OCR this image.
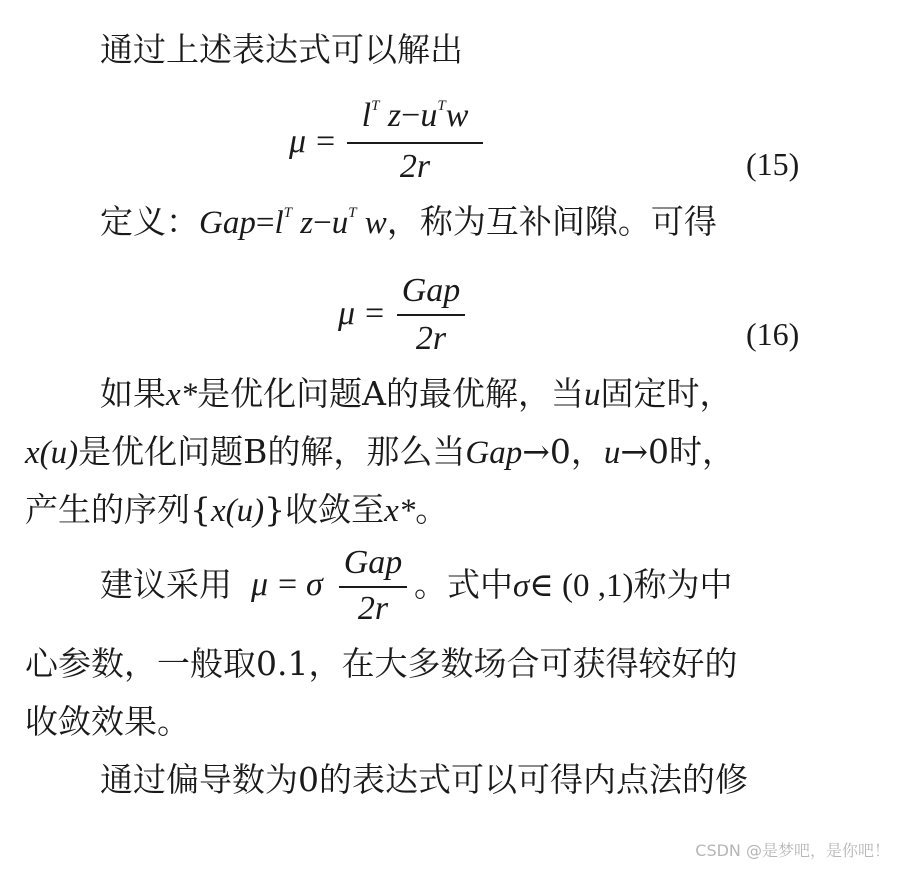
通过上述表达式可以解出
μ =
$l^T$ $z-u^Tw$
2r	(15)
定义：$Gap=l^T$ $z-u^T$ w，称为互补间隙。可得
μ =
Gap
2r	(16)
如果x*是优化问题A的最优解，当u固定时，
x(u)是优化问题B的解，那么当Gap→0，u→0时，
产生的序列{x(u)}收敛至x*。
建议采用 μ = σ
Gap
2r
。式中σ∈ (0 ,1)称为中
心参数，一般取0.1，在大多数场合可获得较好的
收敛效果。
通过偏导数为0的表达式可以可得内点法的修
CSDN @是梦吧，是你吧！
